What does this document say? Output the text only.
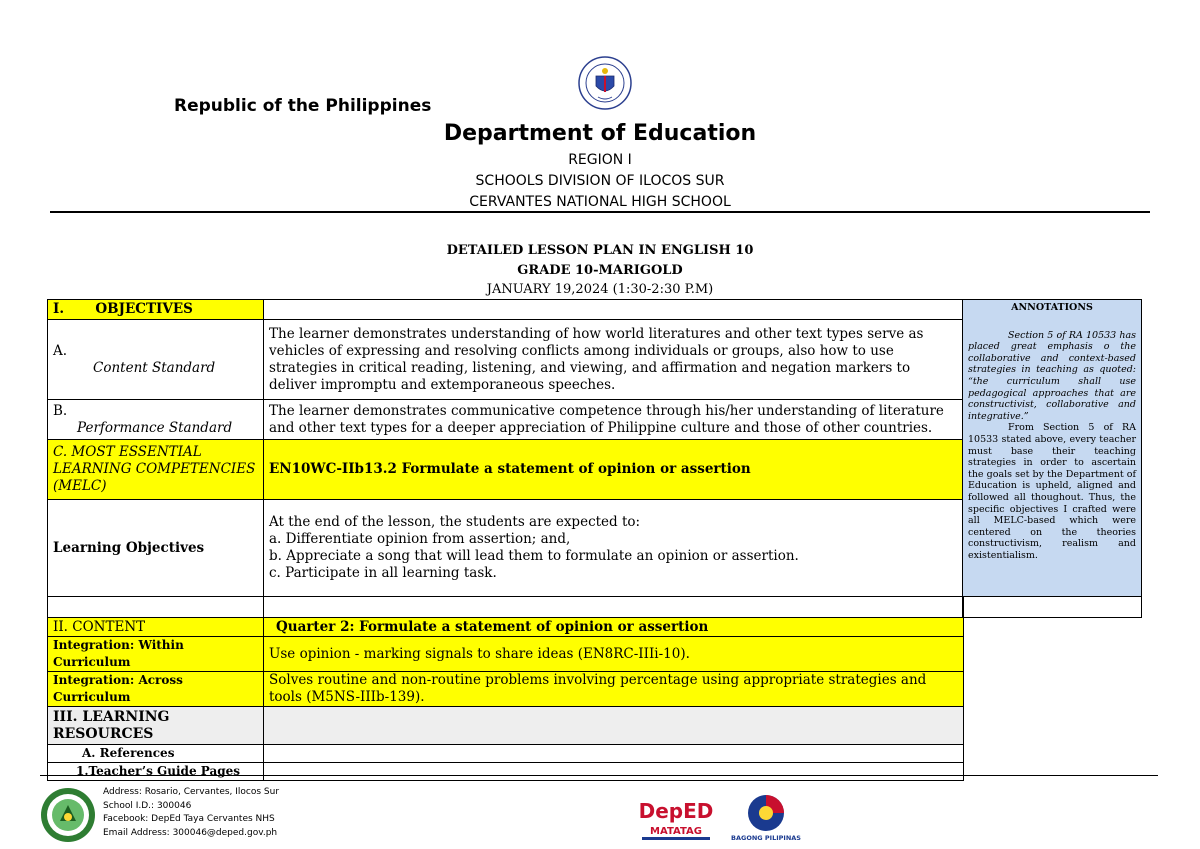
Republic of the Philippines
Department of Education
REGION I
SCHOOLS DIVISION OF ILOCOS SUR
CERVANTES NATIONAL HIGH SCHOOL
DETAILED LESSON PLAN IN ENGLISH 10
GRADE 10-MARIGOLD
JANUARY 19,2024 (1:30-2:30 P.M)
I. OBJECTIVES	

A.
Content Standard	The learner demonstrates understanding of how world literatures and other text types serve as vehicles of expressing and resolving conflicts among individuals or groups, also how to use strategies in critical reading, listening, and viewing, and affirmation and negation markers to deliver impromptu and extemporaneous speeches.

B.
Performance Standard	The learner demonstrates communicative competence through his/her understanding of literature and other text types for a deeper appreciation of Philippine culture and those of other countries.
C. MOST ESSENTIAL LEARNING COMPETENCIES (MELC)	EN10WC-IIb13.2 Formulate a statement of opinion or assertion
Learning Objectives	At the end of the lesson, the students are expected to:
a. Differentiate opinion from assertion; and,
b. Appreciate a song that will lead them to formulate an opinion or assertion.
c. Participate in all learning task.

II. CONTENT	Quarter 2: Formulate a statement of opinion or assertion
Integration: Within Curriculum	Use opinion - marking signals to share ideas (EN8RC-IIIi-10).
Integration: Across Curriculum	Solves routine and non-routine problems involving percentage using appropriate strategies and tools (M5NS-IIIb-139).
III. LEARNING RESOURCES	
A. References	
1.Teacher’s Guide Pages	
ANNOTATIONS

Section 5 of RA 10533 has placed great emphasis o the collaborative and context-based strategies in teaching as quoted: “the curriculum shall use pedagogical approaches that are constructivist, collaborative and integrative.”

From Section 5 of RA 10533 stated above, every teacher must base their teaching strategies in order to ascertain the goals set by the Department of Education is upheld, aligned and followed all thoughout. Thus, the specific objectives I crafted were all MELC-based which were centered on the theories constructivism, realism and existentialism.

Address: Rosario, Cervantes, Ilocos Sur
School I.D.: 300046
Facebook: DepEd Taya Cervantes NHS
Email Address: 300046@deped.gov.ph
DepED
MATATAG
BAGONG PILIPINAS
